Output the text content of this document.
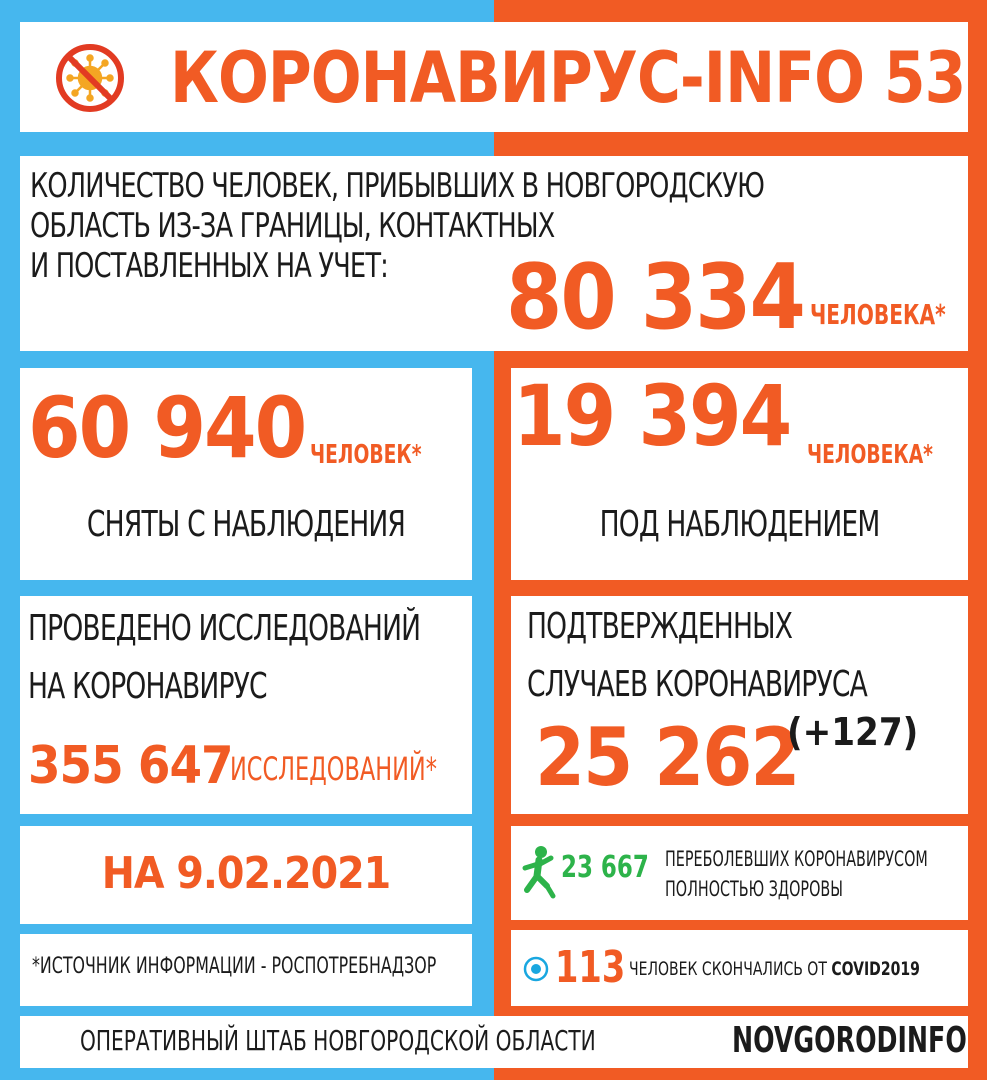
КОРОНАВИРУС-INFO 53
КОЛИЧЕСТВО ЧЕЛОВЕК, ПРИБЫВШИХ В НОВГОРОДСКУЮ
ОБЛАСТЬ ИЗ-ЗА ГРАНИЦЫ, КОНТАКТНЫХ
И ПОСТАВЛЕННЫХ НА УЧЕТ:	80 334 ЧЕЛОВЕКА*
60 940 ЧЕЛОВЕК*
СНЯТЫ С НАБЛЮДЕНИЯ
19 394 ЧЕЛОВЕКА*
ПОД НАБЛЮДЕНИЕМ
ПРОВЕДЕНО ИССЛЕДОВАНИЙ
НА КОРОНАВИРУС
355 647
ИССЛЕДОВАНИЙ*
ПОДТВЕРЖДЕННЫХ
СЛУЧАЕВ КОРОНАВИРУСА
25 262
(+127)
НА 9.02.2021	23 667 ПЕРЕБОЛЕВШИХ КОРОНАВИРУСОМ
ПОЛНОСТЬЮ ЗДОРОВЫ
*ИСТОЧНИК ИНФОРМАЦИИ - РОСПОТРЕБНАДЗОР	113 ЧЕЛОВЕК СКОНЧАЛИСЬ ОТ COVID2019
ОПЕРАТИВНЫЙ ШТАБ НОВГОРОДСКОЙ ОБЛАСТИ	NOVGORODINFO
